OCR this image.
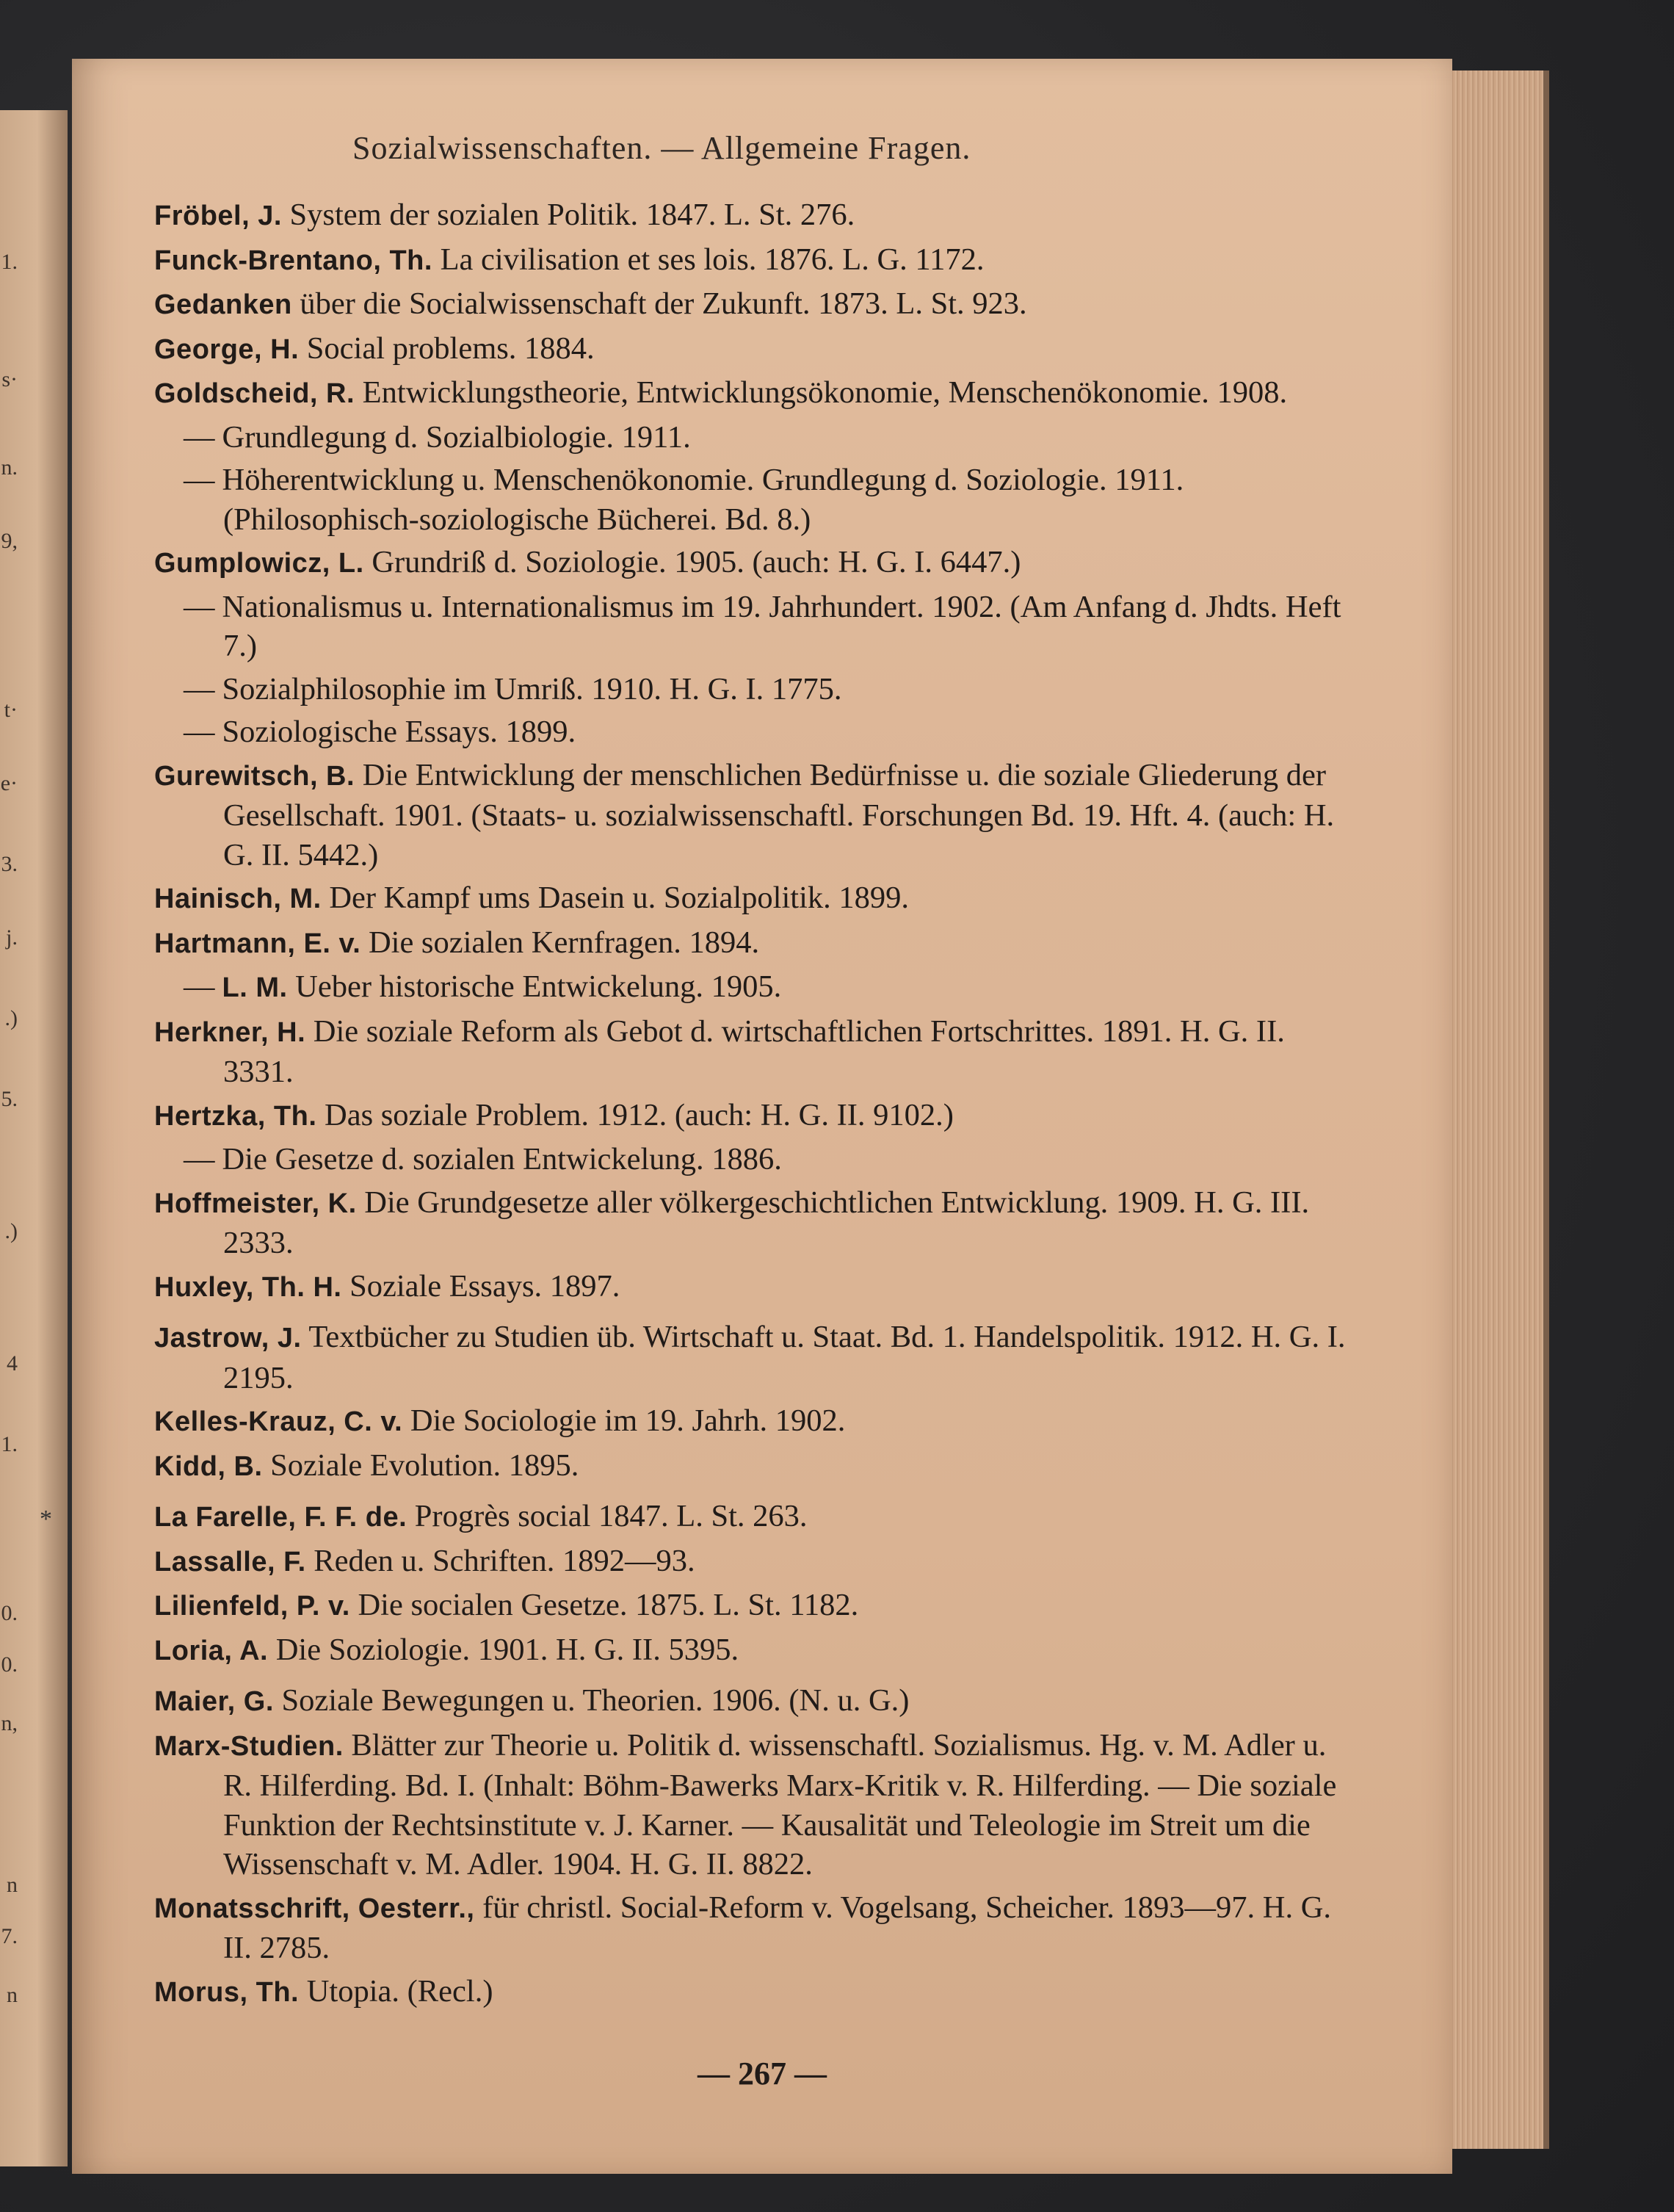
1.
s·
n.
9,
t·
e·
3.
j.
.)
5.
.)
4
1.
0.
0.
n,
n
7.
n
Sozialwissenschaften. — Allgemeine Fragen.
Fröbel, J. System der sozialen Politik. 1847. L. St. 276.
Funck-Brentano, Th. La civilisation et ses lois. 1876. L. G. 1172.
Gedanken über die Socialwissenschaft der Zukunft. 1873. L. St. 923.
George, H. Social problems. 1884.
Goldscheid, R. Entwicklungstheorie, Entwicklungsökonomie, Menschenökonomie. 1908.
— Grundlegung d. Sozialbiologie. 1911.
— Höherentwicklung u. Menschenökonomie. Grundlegung d. Soziologie. 1911. (Philosophisch-soziologische Bücherei. Bd. 8.)
Gumplowicz, L. Grundriß d. Soziologie. 1905. (auch: H. G. I. 6447.)
— Nationalismus u. Internationalismus im 19. Jahrhundert. 1902. (Am Anfang d. Jhdts. Heft 7.)
— Sozialphilosophie im Umriß. 1910. H. G. I. 1775.
— Soziologische Essays. 1899.
Gurewitsch, B. Die Entwicklung der menschlichen Bedürfnisse u. die soziale Gliederung der Gesellschaft. 1901. (Staats- u. sozialwissenschaftl. Forschungen Bd. 19. Hft. 4. (auch: H. G. II. 5442.)
Hainisch, M. Der Kampf ums Dasein u. Sozialpolitik. 1899.
Hartmann, E. v. Die sozialen Kernfragen. 1894.
— L. M. Ueber historische Entwickelung. 1905.
Herkner, H. Die soziale Reform als Gebot d. wirtschaftlichen Fortschrittes. 1891. H. G. II. 3331.
Hertzka, Th. Das soziale Problem. 1912. (auch: H. G. II. 9102.)
— Die Gesetze d. sozialen Entwickelung. 1886.
Hoffmeister, K. Die Grundgesetze aller völkergeschichtlichen Entwicklung. 1909. H. G. III. 2333.
Huxley, Th. H. Soziale Essays. 1897.
Jastrow, J. Textbücher zu Studien üb. Wirtschaft u. Staat. Bd. 1. Handelspolitik. 1912. H. G. I. 2195.
Kelles-Krauz, C. v. Die Sociologie im 19. Jahrh. 1902.
Kidd, B. Soziale Evolution. 1895.
La Farelle, F. F. de. Progrès social 1847. L. St. 263.
Lassalle, F. Reden u. Schriften. 1892—93.
Lilienfeld, P. v. Die socialen Gesetze. 1875. L. St. 1182.
Loria, A. Die Soziologie. 1901. H. G. II. 5395.
Maier, G. Soziale Bewegungen u. Theorien. 1906. (N. u. G.)
Marx-Studien. Blätter zur Theorie u. Politik d. wissenschaftl. Sozialismus. Hg. v. M. Adler u. R. Hilferding. Bd. I. (Inhalt: Böhm-Bawerks Marx-Kritik v. R. Hilferding. — Die soziale Funktion der Rechtsinstitute v. J. Karner. — Kausalität und Teleologie im Streit um die Wissenschaft v. M. Adler. 1904. H. G. II. 8822.
Monatsschrift, Oesterr., für christl. Social-Reform v. Vogelsang, Scheicher. 1893—97. H. G. II. 2785.
Morus, Th. Utopia. (Recl.)
— 267 —
*
